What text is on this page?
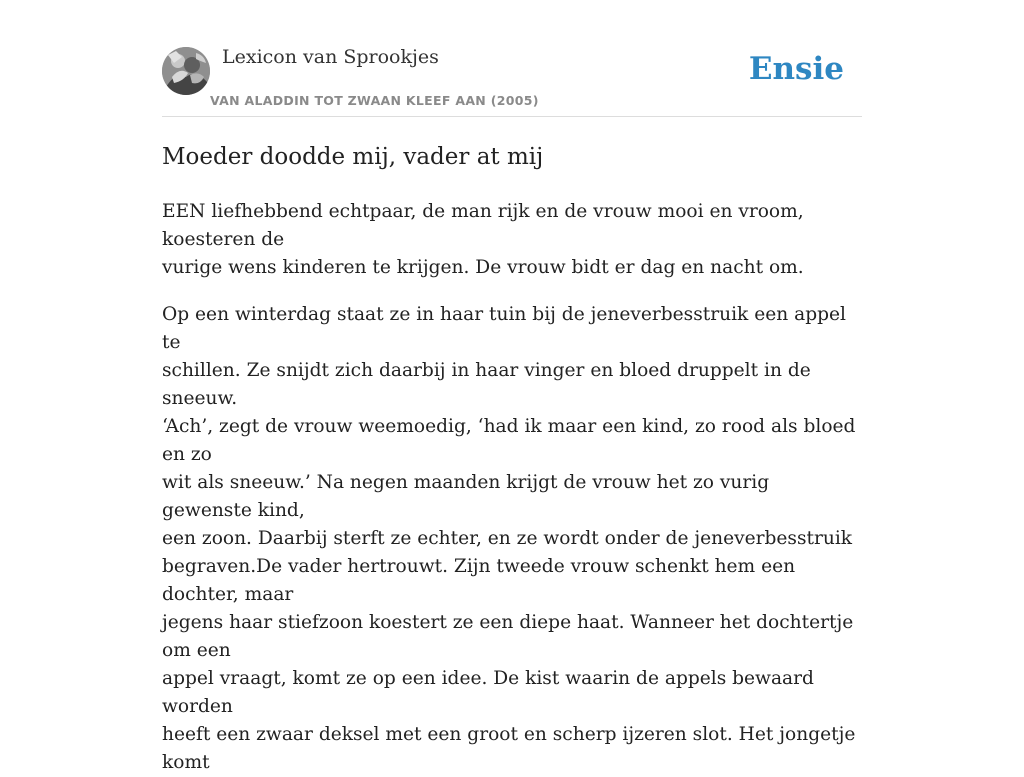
Lexicon van Sprookjes
VAN ALADDIN TOT ZWAAN KLEEF AAN (2005)
Ensie
Moeder doodde mij, vader at mij

EEN liefhebbend echtpaar, de man rijk en de vrouw mooi en vroom, koesteren de
vurige wens kinderen te krijgen. De vrouw bidt er dag en nacht om.

Op een winterdag staat ze in haar tuin bij de jeneverbesstruik een appel te
schillen. Ze snijdt zich daarbij in haar vinger en bloed druppelt in de sneeuw.
‘Ach’, zegt de vrouw weemoedig, ‘had ik maar een kind, zo rood als bloed en zo
wit als sneeuw.’ Na negen maanden krijgt de vrouw het zo vurig gewenste kind,
een zoon. Daarbij sterft ze echter, en ze wordt onder de jeneverbesstruik
begraven.De vader hertrouwt. Zijn tweede vrouw schenkt hem een dochter, maar
jegens haar stiefzoon koestert ze een diepe haat. Wanneer het dochtertje om een
appel vraagt, komt ze op een idee. De kist waarin de appels bewaard worden
heeft een zwaar deksel met een groot en scherp ijzeren slot. Het jongetje komt
